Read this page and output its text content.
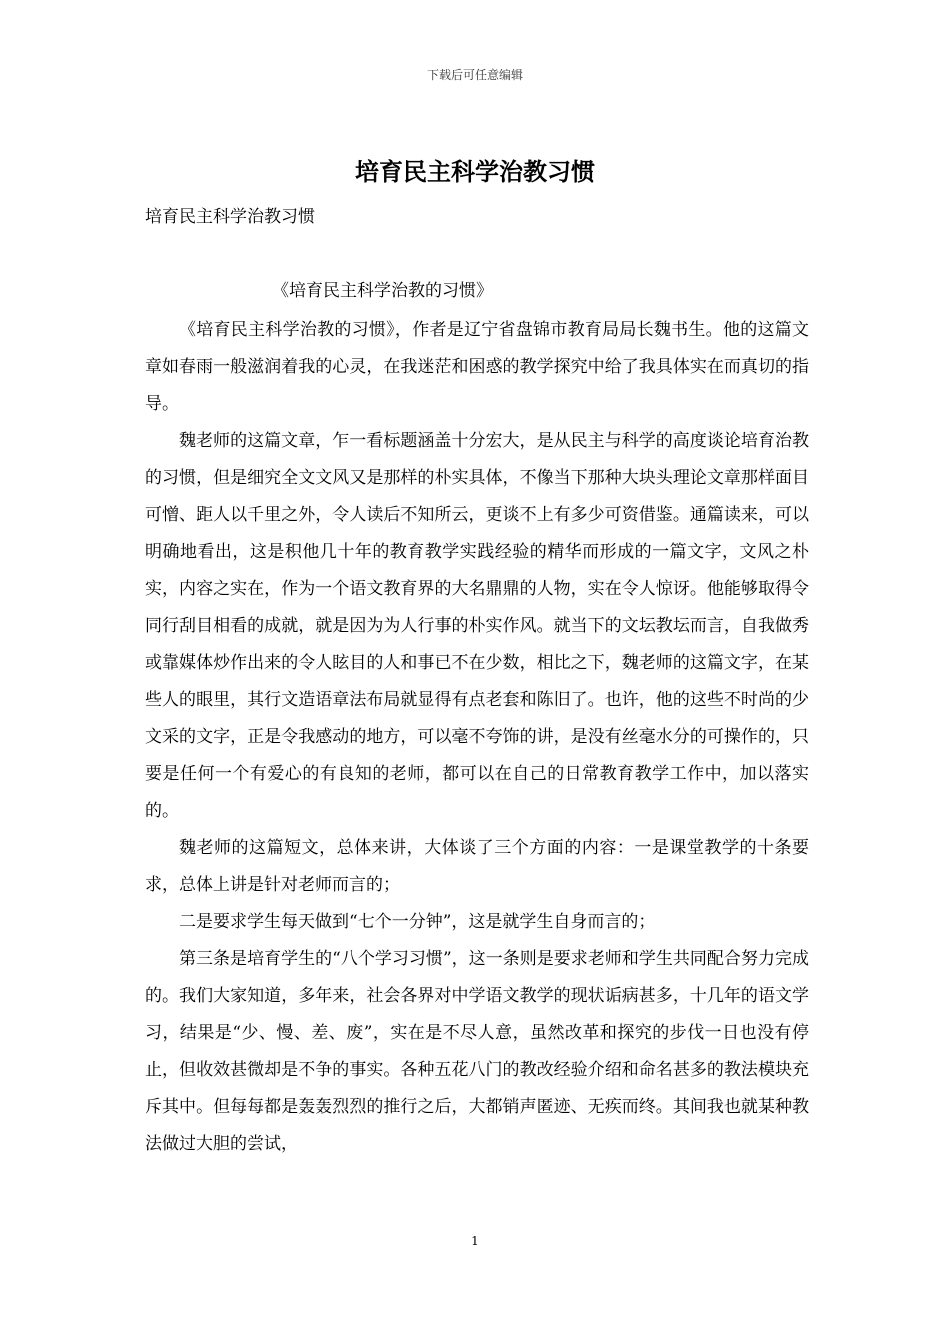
下载后可任意编辑
培育民主科学治教习惯
培育民主科学治教习惯
《培育民主科学治教的习惯》

《培育民主科学治教的习惯》，作者是辽宁省盘锦市教育局局长魏书生。他的这篇文章如春雨一般滋润着我的心灵，在我迷茫和困惑的教学探究中给了我具体实在而真切的指导。

魏老师的这篇文章，乍一看标题涵盖十分宏大，是从民主与科学的高度谈论培育治教的习惯，但是细究全文文风又是那样的朴实具体，不像当下那种大块头理论文章那样面目可憎、距人以千里之外，令人读后不知所云，更谈不上有多少可资借鉴。通篇读来，可以明确地看出，这是积他几十年的教育教学实践经验的精华而形成的一篇文字，文风之朴实，内容之实在，作为一个语文教育界的大名鼎鼎的人物，实在令人惊讶。他能够取得令同行刮目相看的成就，就是因为为人行事的朴实作风。就当下的文坛教坛而言，自我做秀或靠媒体炒作出来的令人眩目的人和事已不在少数，相比之下，魏老师的这篇文字，在某些人的眼里，其行文造语章法布局就显得有点老套和陈旧了。也许，他的这些不时尚的少文采的文字，正是令我感动的地方，可以毫不夸饰的讲，是没有丝毫水分的可操作的，只要是任何一个有爱心的有良知的老师，都可以在自己的日常教育教学工作中，加以落实的。

魏老师的这篇短文，总体来讲，大体谈了三个方面的内容：一是课堂教学的十条要求，总体上讲是针对老师而言的；

二是要求学生每天做到“七个一分钟”，这是就学生自身而言的；

第三条是培育学生的“八个学习习惯”，这一条则是要求老师和学生共同配合努力完成的。我们大家知道，多年来，社会各界对中学语文教学的现状诟病甚多，十几年的语文学习，结果是“少、慢、差、废”，实在是不尽人意，虽然改革和探究的步伐一日也没有停止，但收效甚微却是不争的事实。各种五花八门的教改经验介绍和命名甚多的教法模块充斥其中。但每每都是轰轰烈烈的推行之后，大都销声匿迹、无疾而终。其间我也就某种教法做过大胆的尝试，

1
